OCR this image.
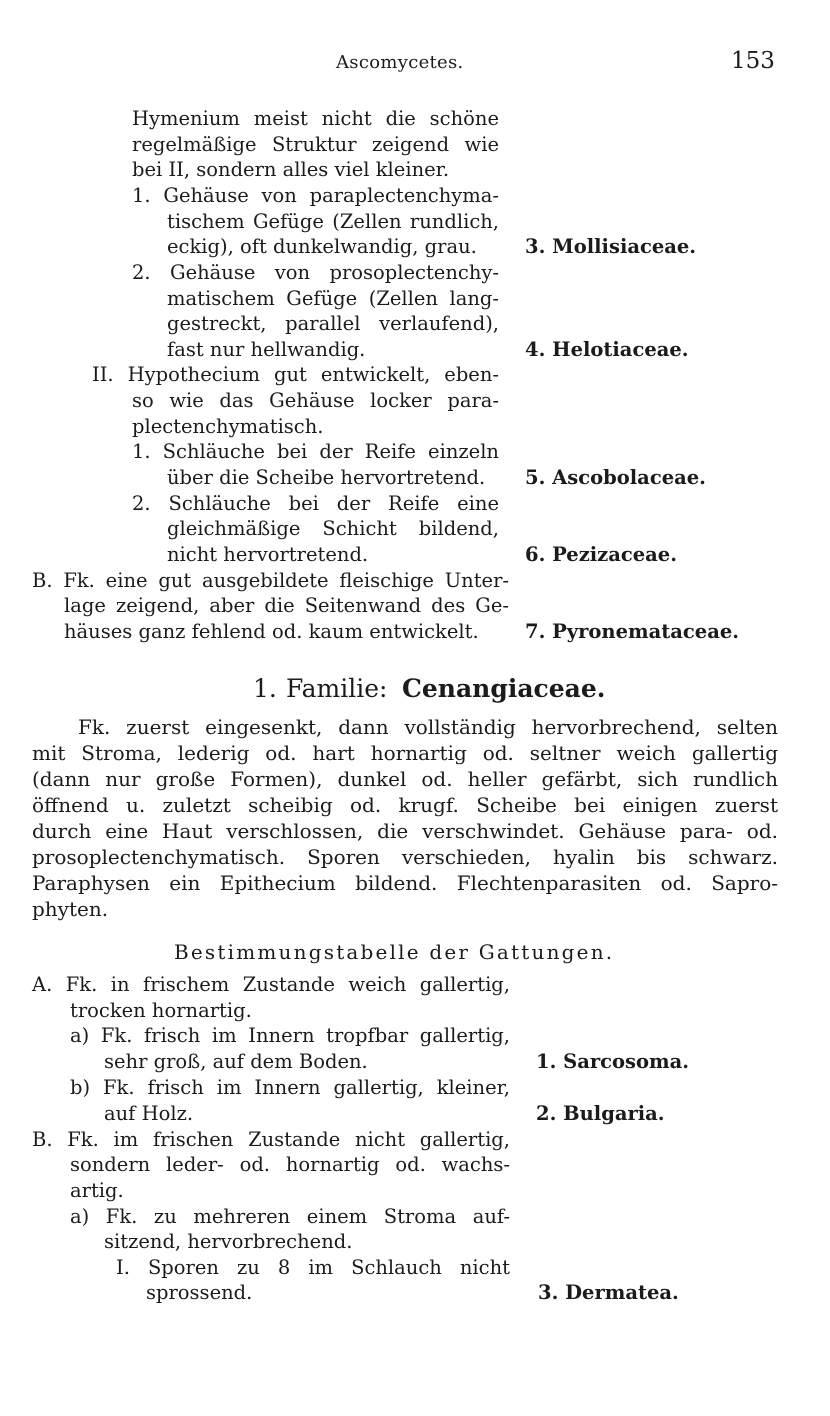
Ascomycetes.	153
Hymenium meist nicht die schöne
regelmäßige Struktur zeigend wie
bei II, sondern alles viel kleiner.
1. Gehäuse von paraplectenchyma-
tischem Gefüge (Zellen rundlich,
eckig), oft dunkelwandig, grau. 3. Mollisiaceae.
2. Gehäuse von prosoplectenchy-
matischem Gefüge (Zellen lang-
gestreckt, parallel verlaufend),
fast nur hellwandig.	4. Helotiaceae.
II. Hypothecium gut entwickelt, eben-
so wie das Gehäuse locker para-
plectenchymatisch.
1. Schläuche bei der Reife einzeln
über die Scheibe hervortretend. 5. Ascobolaceae.
2. Schläuche bei der Reife eine
gleichmäßige Schicht bildend,
nicht hervortretend.	6. Pezizaceae.
B. Fk. eine gut ausgebildete fleischige Unter-
lage zeigend, aber die Seitenwand des Ge-
häuses ganz fehlend od. kaum entwickelt. 7. Pyronemataceae.
1. Familie: Cenangiaceae.
Fk. zuerst eingesenkt, dann vollständig hervorbrechend, selten
mit Stroma, lederig od. hart hornartig od. seltner weich gallertig
(dann nur große Formen), dunkel od. heller gefärbt, sich rundlich
öffnend u. zuletzt scheibig od. krugf. Scheibe bei einigen zuerst
durch eine Haut verschlossen, die verschwindet. Gehäuse para- od.
prosoplectenchymatisch. Sporen verschieden, hyalin bis schwarz.
Paraphysen ein Epithecium bildend. Flechtenparasiten od. Sapro-
phyten.
Bestimmungstabelle der Gattungen.
A. Fk. in frischem Zustande weich gallertig,
trocken hornartig.
a) Fk. frisch im Innern tropfbar gallertig,
sehr groß, auf dem Boden.	1. Sarcosoma.
b) Fk. frisch im Innern gallertig, kleiner,
auf Holz.	2. Bulgaria.
B. Fk. im frischen Zustande nicht gallertig,
sondern leder- od. hornartig od. wachs-
artig.
a) Fk. zu mehreren einem Stroma auf-
sitzend, hervorbrechend.
I. Sporen zu 8 im Schlauch nicht
sprossend.	3. Dermatea.
